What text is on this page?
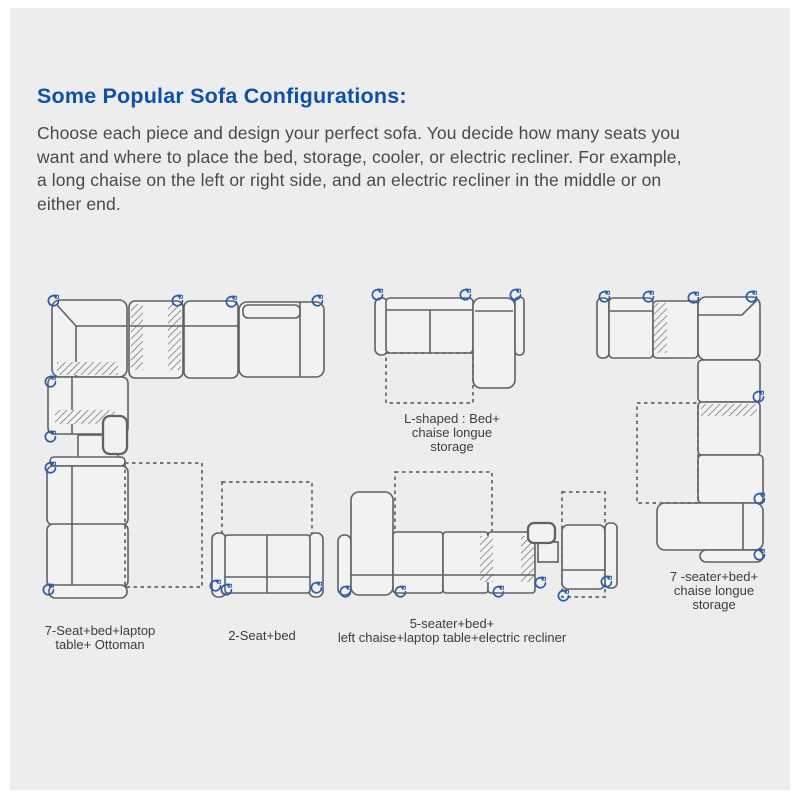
Some Popular Sofa Configurations:
Choose each piece and design your perfect sofa. You decide how many seats you
want and where to place the bed, storage, cooler, or electric recliner. For example,
a long chaise on the left or right side, and an electric recliner in the middle or on
either end.
7-Seat+bed+laptop
table+ Ottoman
L-shaped : Bed+
chaise longue
storage
7 -seater+bed+
chaise longue
storage
2-Seat+bed
5-seater+bed+
left chaise+laptop table+electric recliner
